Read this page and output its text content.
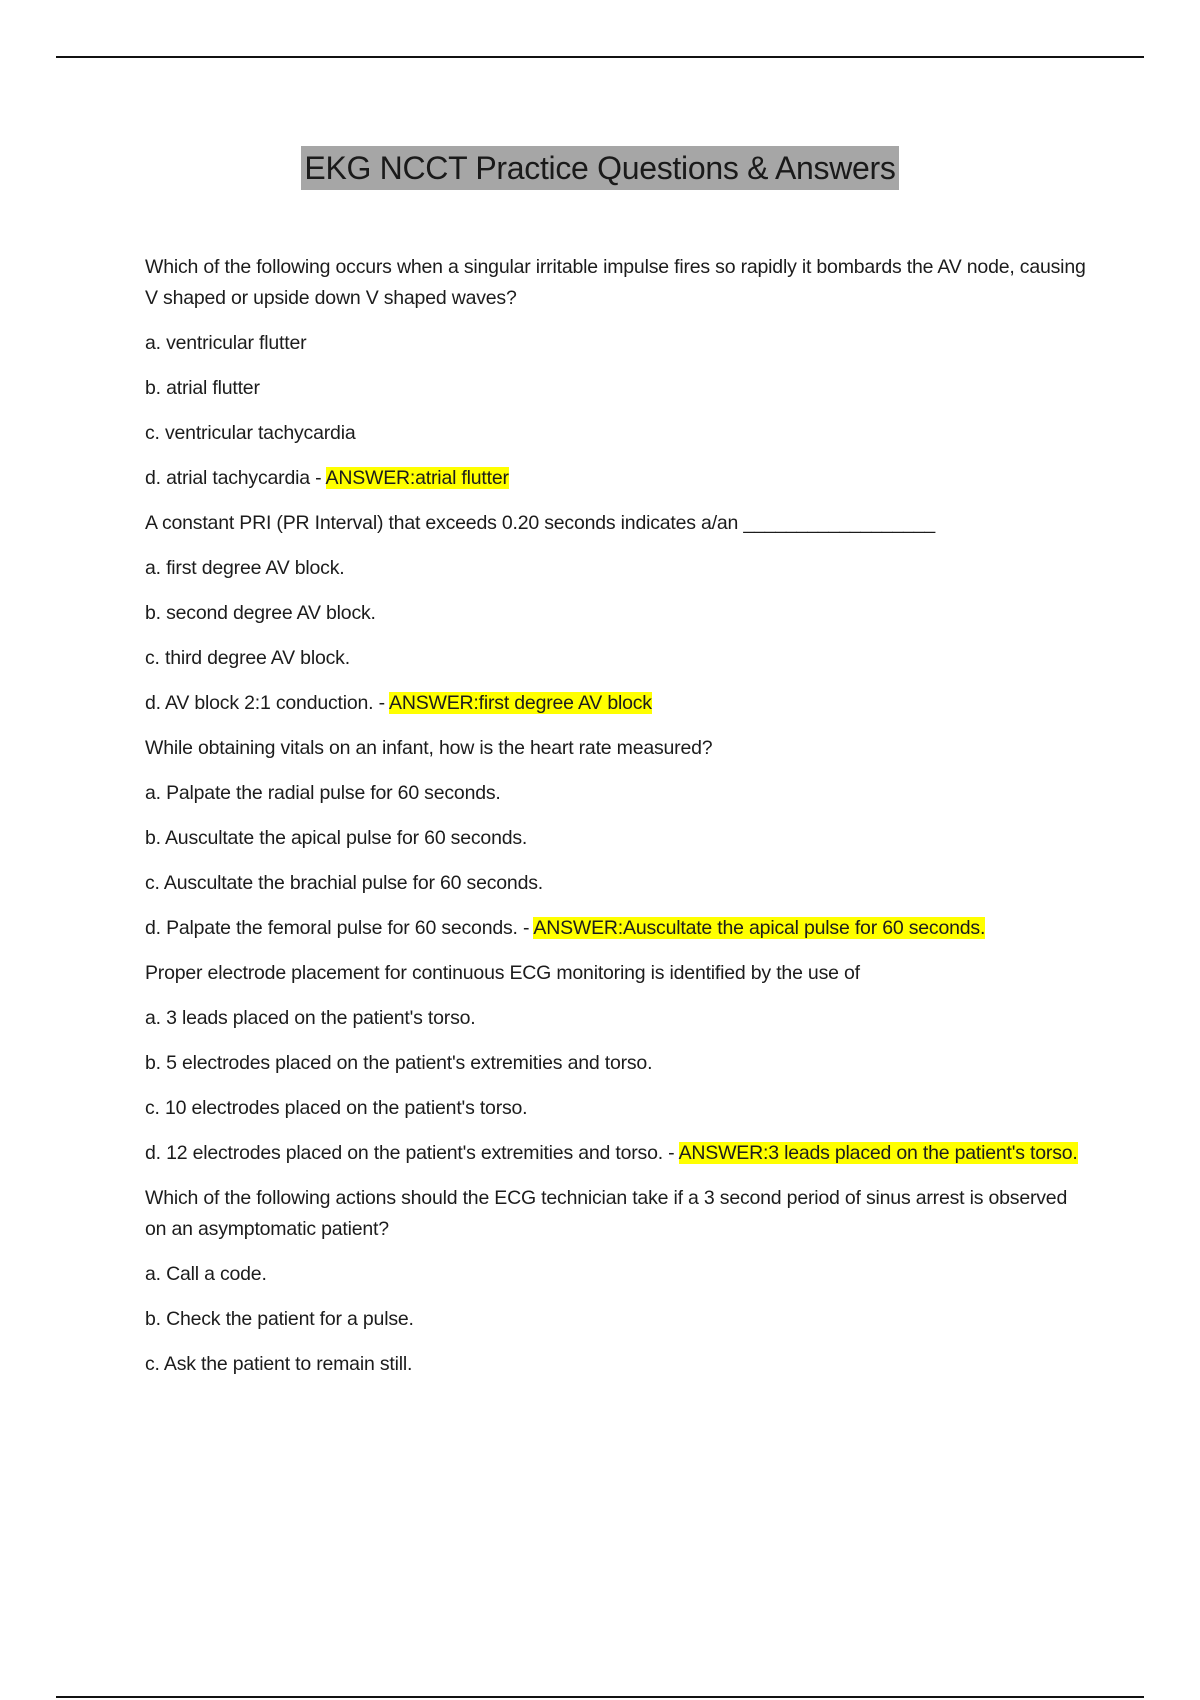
EKG NCCT Practice Questions & Answers
Which of the following occurs when a singular irritable impulse fires so rapidly it bombards the AV node, causing V shaped or upside down V shaped waves?
a. ventricular flutter
b. atrial flutter
c. ventricular tachycardia
d. atrial tachycardia - ANSWER:atrial flutter
A constant PRI (PR Interval) that exceeds 0.20 seconds indicates a/an __________________
a. first degree AV block.
b. second degree AV block.
c. third degree AV block.
d. AV block 2:1 conduction. - ANSWER:first degree AV block
While obtaining vitals on an infant, how is the heart rate measured?
a. Palpate the radial pulse for 60 seconds.
b. Auscultate the apical pulse for 60 seconds.
c. Auscultate the brachial pulse for 60 seconds.
d. Palpate the femoral pulse for 60 seconds. - ANSWER:Auscultate the apical pulse for 60 seconds.
Proper electrode placement for continuous ECG monitoring is identified by the use of
a. 3 leads placed on the patient's torso.
b. 5 electrodes placed on the patient's extremities and torso.
c. 10 electrodes placed on the patient's torso.
d. 12 electrodes placed on the patient's extremities and torso. - ANSWER:3 leads placed on the patient's torso.
Which of the following actions should the ECG technician take if a 3 second period of sinus arrest is observed on an asymptomatic patient?
a. Call a code.
b. Check the patient for a pulse.
c. Ask the patient to remain still.
